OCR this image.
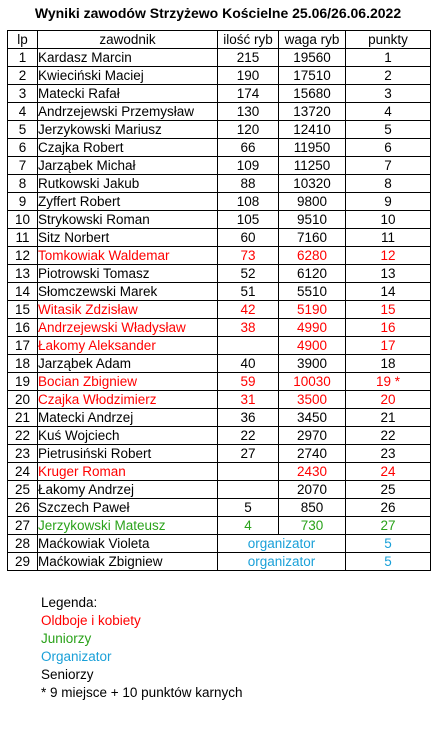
Wyniki zawodów Strzyżewo Kościelne 25.06/26.06.2022
lp	zawodnik	ilość ryb	waga ryb	punkty
1	Kardasz Marcin	215	19560	1
2	Kwieciński Maciej	190	17510	2
3	Matecki Rafał	174	15680	3
4	Andrzejewski Przemysław	130	13720	4
5	Jerzykowski Mariusz	120	12410	5
6	Czajka Robert	66	11950	6
7	Jarząbek Michał	109	11250	7
8	Rutkowski Jakub	88	10320	8
9	Zyffert Robert	108	9800	9
10	Strykowski Roman	105	9510	10
11	Sitz Norbert	60	7160	11
12	Tomkowiak Waldemar	73	6280	12
13	Piotrowski Tomasz	52	6120	13
14	Słomczewski Marek	51	5510	14
15	Witasik Zdzisław	42	5190	15
16	Andrzejewski Władysław	38	4990	16
17	Łakomy Aleksander		4900	17
18	Jarząbek Adam	40	3900	18
19	Bocian Zbigniew	59	10030	19 *
20	Czajka Włodzimierz	31	3500	20
21	Matecki Andrzej	36	3450	21
22	Kuś Wojciech	22	2970	22
23	Pietrusiński Robert	27	2740	23
24	Kruger Roman		2430	24
25	Łakomy Andrzej		2070	25
26	Szczech Paweł	5	850	26
27	Jerzykowski Mateusz	4	730	27
28	Maćkowiak Violeta	organizator		5
29	Maćkowiak Zbigniew	organizator		5
Legenda:
Oldboje i kobiety
Juniorzy
Organizator
Seniorzy
* 9 miejsce + 10 punktów karnych
